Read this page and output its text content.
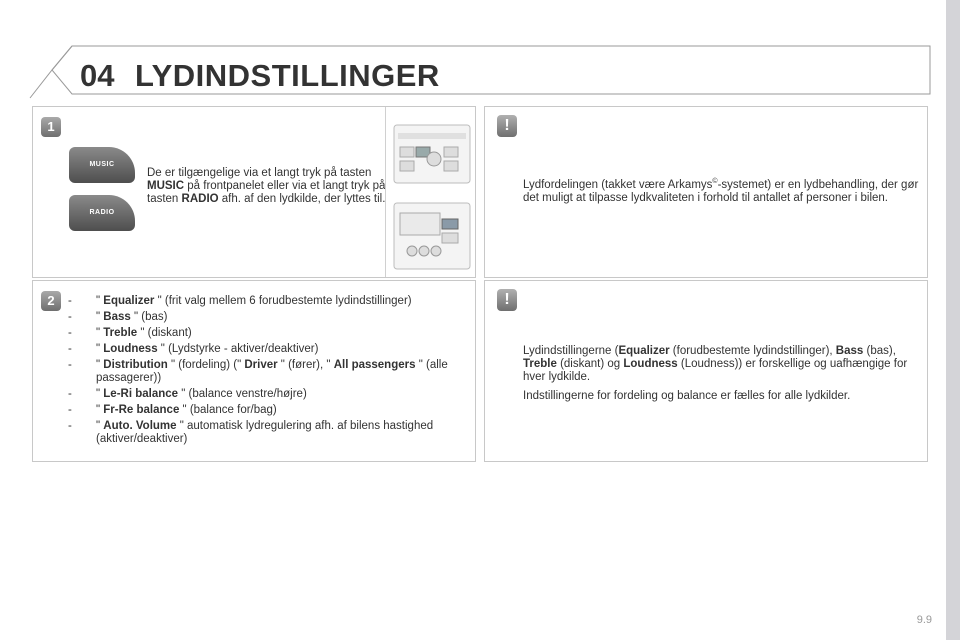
04 LYDINDSTILLINGER
1
MUSIC
RADIO
De er tilgængelige via et langt tryk på tasten MUSIC på frontpanelet eller via et langt tryk på tasten RADIO afh. af den lydkilde, der lyttes til.
2	- " Equalizer " (frit valg mellem 6 forudbestemte lydindstillinger)
- " Bass " (bas)
- " Treble " (diskant)
- " Loudness " (Lydstyrke - aktiver/deaktiver)
- " Distribution " (fordeling) (" Driver " (fører), " All passengers " (alle passagerer))
- " Le-Ri balance " (balance venstre/højre)
- " Fr-Re balance " (balance for/bag)
- " Auto. Volume " automatisk lydregulering afh. af bilens hastighed (aktiver/deaktiver)
!
Lydfordelingen (takket være Arkamys©-systemet) er en lydbehandling, der gør det muligt at tilpasse lydkvaliteten i forhold til antallet af personer i bilen.
!

Lydindstillingerne (Equalizer (forudbestemte lydindstillinger), Bass (bas), Treble (diskant) og Loudness (Loudness)) er forskellige og uafhængige for hver lydkilde.

Indstillingerne for fordeling og balance er fælles for alle lydkilder.

9.9
